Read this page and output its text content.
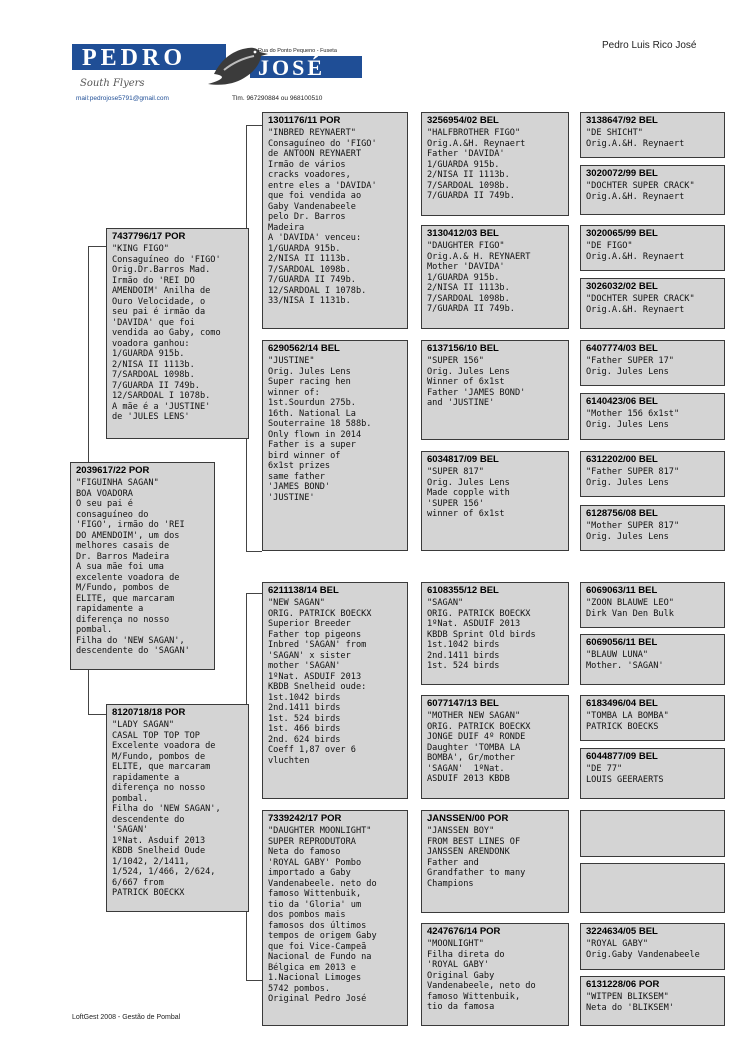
PEDRO	JOSÉ
Rua do Ponto Pequeno - Fuseta
South Flyers
mail:pedrojose5791@gmail.com	Tlm. 967290884 ou 968100510
Pedro Luis Rico José
2039617/22 POR
"FIGUINHA SAGAN"
BOA VOADORA
O seu pai é
consaguíneo do
'FIGO', irmão do 'REI
DO AMENDOIM', um dos
melhores casais de
Dr. Barros Madeira
A sua mãe foi uma
excelente voadora de
M/Fundo, pombos de
ELITE, que marcaram
rapidamente a
diferença no nosso
pombal.
Filha do 'NEW SAGAN',
descendente do 'SAGAN'
7437796/17 POR
"KING FIGO"
Consaguíneo do 'FIGO'
Orig.Dr.Barros Mad.
Irmão do 'REI DO
AMENDOIM' Anilha de
Ouro Velocidade, o
seu pai é irmão da
'DAVIDA' que foi
vendida ao Gaby, como
voadora ganhou:
1/GUARDA 915b.
2/NISA II 1113b.
7/SARDOAL 1098b.
7/GUARDA II 749b.
12/SARDOAL I 1078b.
A mãe é a 'JUSTINE'
de 'JULES LENS'
8120718/18 POR
"LADY SAGAN"
CASAL TOP TOP TOP
Excelente voadora de
M/Fundo, pombos de
ELITE, que marcaram
rapidamente a
diferença no nosso
pombal.
Filha do 'NEW SAGAN',
descendente do
'SAGAN'
1ºNat. Asduif 2013
KBDB Snelheid Oude
1/1042, 2/1411,
1/524, 1/466, 2/624,
6/667 from
PATRICK BOECKX
1301176/11 POR
"INBRED REYNAERT"
Consaguíneo do 'FIGO'
de ANTOON REYNAERT
Irmão de vários
cracks voadores,
entre eles a 'DAVIDA'
que foi vendida ao
Gaby Vandenabeele
pelo Dr. Barros
Madeira
A 'DAVIDA' venceu:
1/GUARDA 915b.
2/NISA II 1113b.
7/SARDOAL 1098b.
7/GUARDA II 749b.
12/SARDOAL I 1078b.
33/NISA I 1131b.
6290562/14 BEL
"JUSTINE"
Orig. Jules Lens
Super racing hen
winner of:
1st.Sourdun 275b.
16th. National La
Souterraine 18 588b.
Only flown in 2014
Father is a super
bird winner of
6x1st prizes
same father
'JAMES BOND'
'JUSTINE'
6211138/14 BEL
"NEW SAGAN"
ORIG. PATRICK BOECKX
Superior Breeder
Father top pigeons
Inbred 'SAGAN' from
'SAGAN' x sister
mother 'SAGAN'
1ºNat. ASDUIF 2013
KBDB Snelheid oude:
1st.1042 birds
2nd.1411 birds
1st. 524 birds
1st. 466 birds
2nd. 624 birds
Coeff 1,87 over 6
vluchten
7339242/17 POR
"DAUGHTER MOONLIGHT"
SUPER REPRODUTORA
Neta do famoso
'ROYAL GABY' Pombo
importado a Gaby
Vandenabeele. neto do
famoso Wittenbuik,
tio da 'Gloria' um
dos pombos mais
famosos dos últimos
tempos de origem Gaby
que foi Vice-Campeã
Nacional de Fundo na
Bélgica em 2013 e
1.Nacional Limoges
5742 pombos.
Original Pedro José
3256954/02 BEL
"HALFBROTHER FIGO"
Orig.A.&H. Reynaert
Father 'DAVIDA'
1/GUARDA 915b.
2/NISA II 1113b.
7/SARDOAL 1098b.
7/GUARDA II 749b.
3130412/03 BEL
"DAUGHTER FIGO"
Orig.A.& H. REYNAERT
Mother 'DAVIDA'
1/GUARDA 915b.
2/NISA II 1113b.
7/SARDOAL 1098b.
7/GUARDA II 749b.
6137156/10 BEL
"SUPER 156"
Orig. Jules Lens
Winner of 6x1st
Father 'JAMES BOND'
and 'JUSTINE'
6034817/09 BEL
"SUPER 817"
Orig. Jules Lens
Made copple with
'SUPER 156'
winner of 6x1st
6108355/12 BEL
"SAGAN"
ORIG. PATRICK BOECKX
1ºNat. ASDUIF 2013
KBDB Sprint Old birds
1st.1042 birds
2nd.1411 birds
1st. 524 birds
6077147/13 BEL
"MOTHER NEW SAGAN"
ORIG. PATRICK BOECKX
JONGE DUIF 4º RONDE
Daughter 'TOMBA LA
BOMBA', Gr/mother
'SAGAN'  1ºNat.
ASDUIF 2013 KBDB
JANSSEN/00 POR
"JANSSEN BOY"
FROM BEST LINES OF
JANSSEN ARENDONK
Father and
Grandfather to many
Champions
4247676/14 POR
"MOONLIGHT"
Filha direta do
'ROYAL GABY'
Original Gaby
Vandenabeele, neto do
famoso Wittenbuik,
tio da famosa
3138647/92 BEL
"DE SHICHT"
Orig.A.&H. Reynaert
3020072/99 BEL
"DOCHTER SUPER CRACK"
Orig.A.&H. Reynaert
3020065/99 BEL
"DE FIGO"
Orig.A.&H. Reynaert
3026032/02 BEL
"DOCHTER SUPER CRACK"
Orig.A.&H. Reynaert
6407774/03 BEL
"Father SUPER 17"
Orig. Jules Lens
6140423/06 BEL
"Mother 156 6x1st"
Orig. Jules Lens
6312202/00 BEL
"Father SUPER 817"
Orig. Jules Lens
6128756/08 BEL
"Mother SUPER 817"
Orig. Jules Lens
6069063/11 BEL
"ZOON BLAUWE LEO"
Dirk Van Den Bulk
6069056/11 BEL
"BLAUW LUNA"
Mother. 'SAGAN'
6183496/04 BEL
"TOMBA LA BOMBA"
PATRICK BOECKS
6044877/09 BEL
"DE 77"
LOUIS GEERAERTS
3224634/05 BEL
"ROYAL GABY"
Orig.Gaby Vandenabeele
6131228/06 POR
"WITPEN BLIKSEM"
Neta do 'BLIKSEM'
LoftGest 2008 - Gestão de Pombal
